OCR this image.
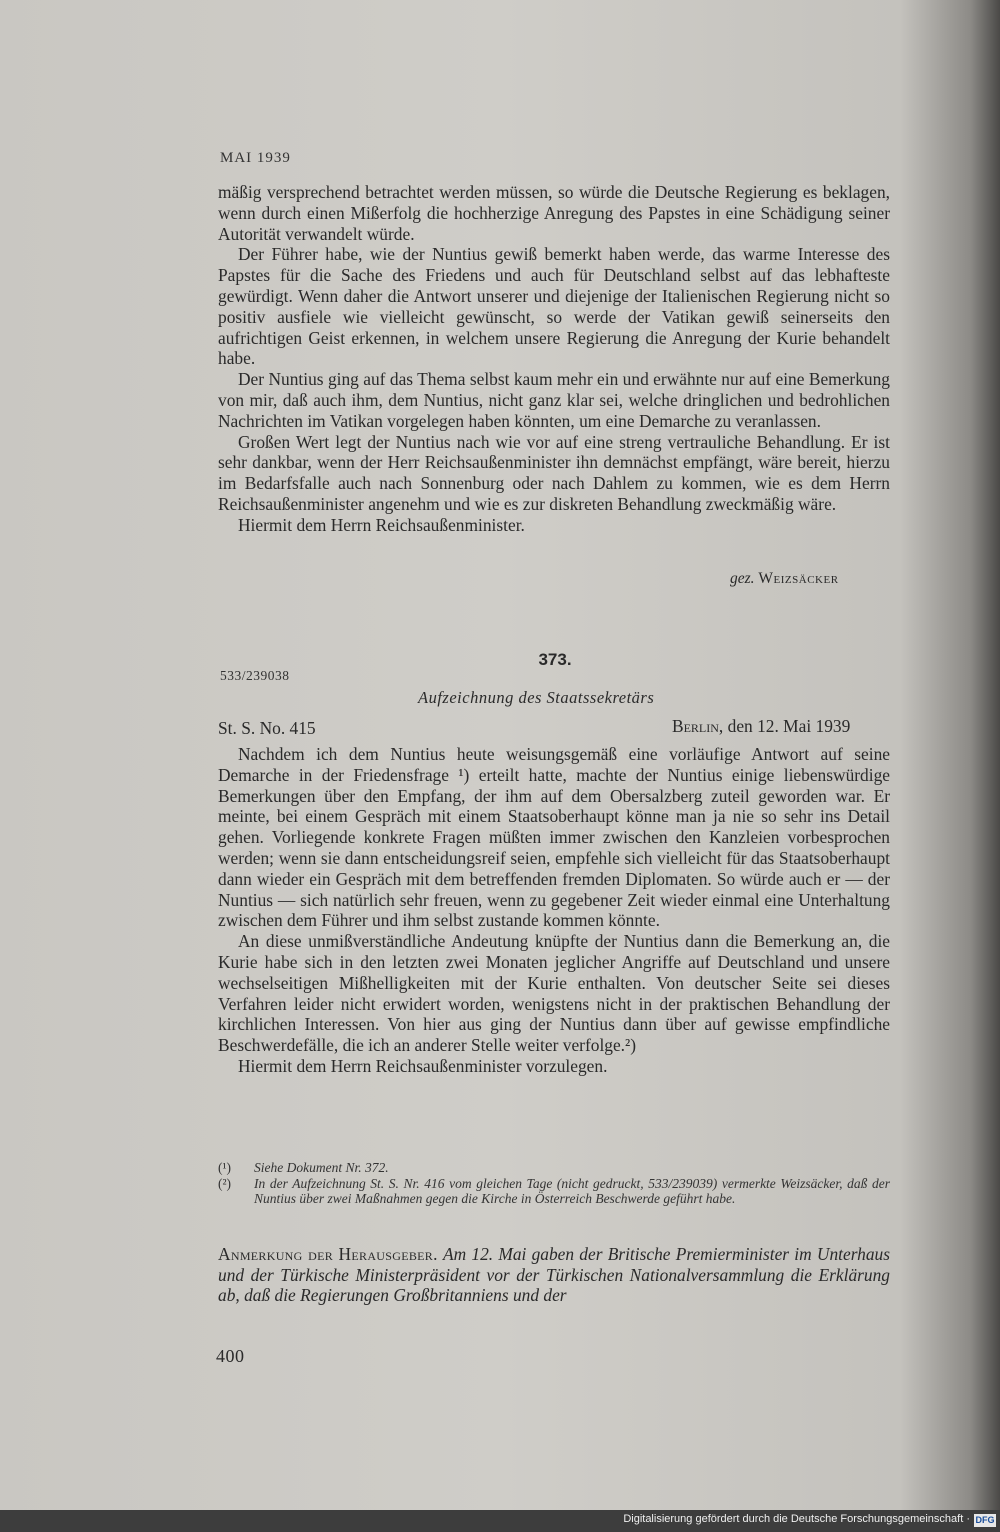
MAI 1939

mäßig versprechend betrachtet werden müssen, so würde die Deutsche Regierung es beklagen, wenn durch einen Mißerfolg die hochherzige Anregung des Papstes in eine Schädigung seiner Autorität verwandelt würde.

Der Führer habe, wie der Nuntius gewiß bemerkt haben werde, das warme Interesse des Papstes für die Sache des Friedens und auch für Deutschland selbst auf das lebhafteste gewürdigt. Wenn daher die Antwort unserer und diejenige der Italienischen Regierung nicht so positiv ausfiele wie vielleicht gewünscht, so werde der Vatikan gewiß seinerseits den aufrichtigen Geist erkennen, in welchem unsere Regierung die Anregung der Kurie behandelt habe.

Der Nuntius ging auf das Thema selbst kaum mehr ein und erwähnte nur auf eine Bemerkung von mir, daß auch ihm, dem Nuntius, nicht ganz klar sei, welche dringlichen und bedrohlichen Nachrichten im Vatikan vorgelegen haben könnten, um eine Demarche zu veranlassen.

Großen Wert legt der Nuntius nach wie vor auf eine streng vertrauliche Behandlung. Er ist sehr dankbar, wenn der Herr Reichsaußenminister ihn demnächst empfängt, wäre bereit, hierzu im Bedarfsfalle auch nach Sonnenburg oder nach Dahlem zu kommen, wie es dem Herrn Reichsaußenminister angenehm und wie es zur diskreten Behandlung zweckmäßig wäre.

Hiermit dem Herrn Reichsaußenminister.

gez. Weizsäcker
373.
533/239038
Aufzeichnung des Staatssekretärs
St. S. No. 415	Berlin, den 12. Mai 1939

Nachdem ich dem Nuntius heute weisungsgemäß eine vorläufige Antwort auf seine Demarche in der Friedensfrage ¹) erteilt hatte, machte der Nuntius einige liebenswürdige Bemerkungen über den Empfang, der ihm auf dem Obersalzberg zuteil geworden war. Er meinte, bei einem Gespräch mit einem Staatsoberhaupt könne man ja nie so sehr ins Detail gehen. Vorliegende konkrete Fragen müßten immer zwischen den Kanzleien vorbesprochen werden; wenn sie dann entscheidungsreif seien, empfehle sich vielleicht für das Staatsoberhaupt dann wieder ein Gespräch mit dem betreffenden fremden Diplomaten. So würde auch er — der Nuntius — sich natürlich sehr freuen, wenn zu gegebener Zeit wieder einmal eine Unterhaltung zwischen dem Führer und ihm selbst zustande kommen könnte.

An diese unmißverständliche Andeutung knüpfte der Nuntius dann die Bemerkung an, die Kurie habe sich in den letzten zwei Monaten jeglicher Angriffe auf Deutschland und unsere wechselseitigen Mißhelligkeiten mit der Kurie enthalten. Von deutscher Seite sei dieses Verfahren leider nicht erwidert worden, wenigstens nicht in der praktischen Behandlung der kirchlichen Interessen. Von hier aus ging der Nuntius dann über auf gewisse empfindliche Beschwerdefälle, die ich an anderer Stelle weiter verfolge.²)

Hiermit dem Herrn Reichsaußenminister vorzulegen.

(¹)	Siehe Dokument Nr. 372.
(²)	In der Aufzeichnung St. S. Nr. 416 vom gleichen Tage (nicht gedruckt, 533/239039) vermerkte Weizsäcker, daß der Nuntius über zwei Maßnahmen gegen die Kirche in Österreich Beschwerde geführt habe.
Anmerkung der Herausgeber. Am 12. Mai gaben der Britische Premierminister im Unterhaus und der Türkische Ministerpräsident vor der Türkischen Nationalversammlung die Erklärung ab, daß die Regierungen Großbritanniens und der
400
Digitalisierung gefördert durch die Deutsche Forschungsgemeinschaft · DFG
